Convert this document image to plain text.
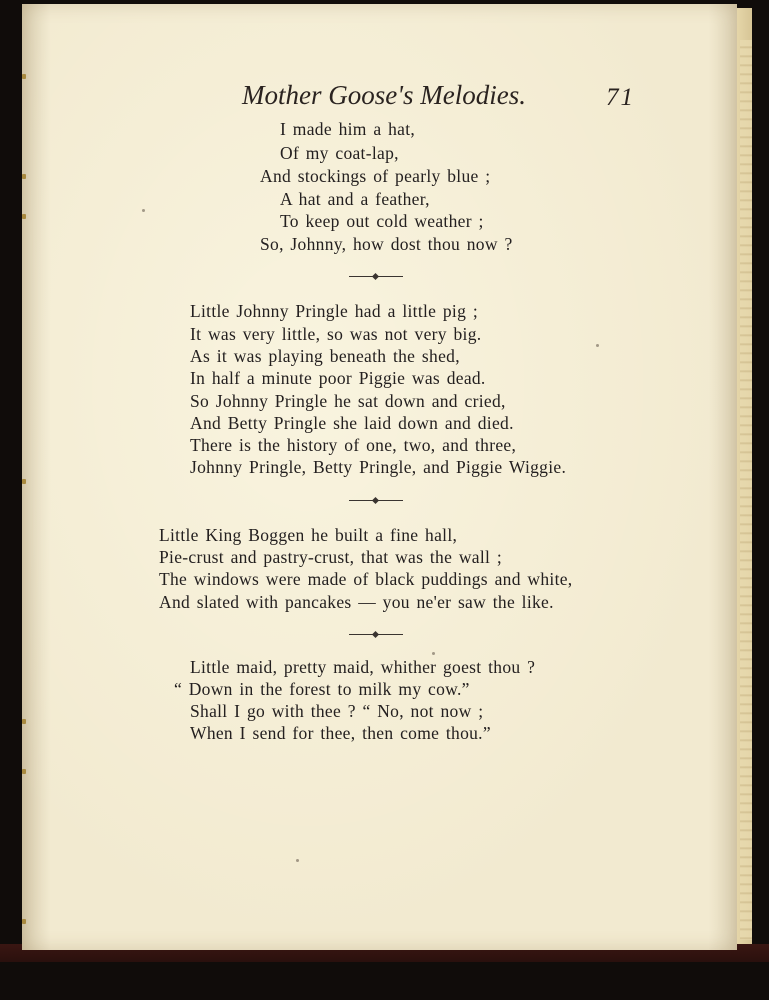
Mother Goose's Melodies.	71
I made him a hat,
Of my coat-lap,
And stockings of pearly blue ;
A hat and a feather,
To keep out cold weather ;
So, Johnny, how dost thou now ?
Little Johnny Pringle had a little pig ;
It was very little, so was not very big.
As it was playing beneath the shed,
In half a minute poor Piggie was dead.
So Johnny Pringle he sat down and cried,
And Betty Pringle she laid down and died.
There is the history of one, two, and three,
Johnny Pringle, Betty Pringle, and Piggie Wiggie.
Little King Boggen he built a fine hall,
Pie-crust and pastry-crust, that was the wall ;
The windows were made of black puddings and white,
And slated with pancakes — you ne'er saw the like.
Little maid, pretty maid, whither goest thou ?
“ Down in the forest to milk my cow.”
Shall I go with thee ? “ No, not now ;
When I send for thee, then come thou.”
